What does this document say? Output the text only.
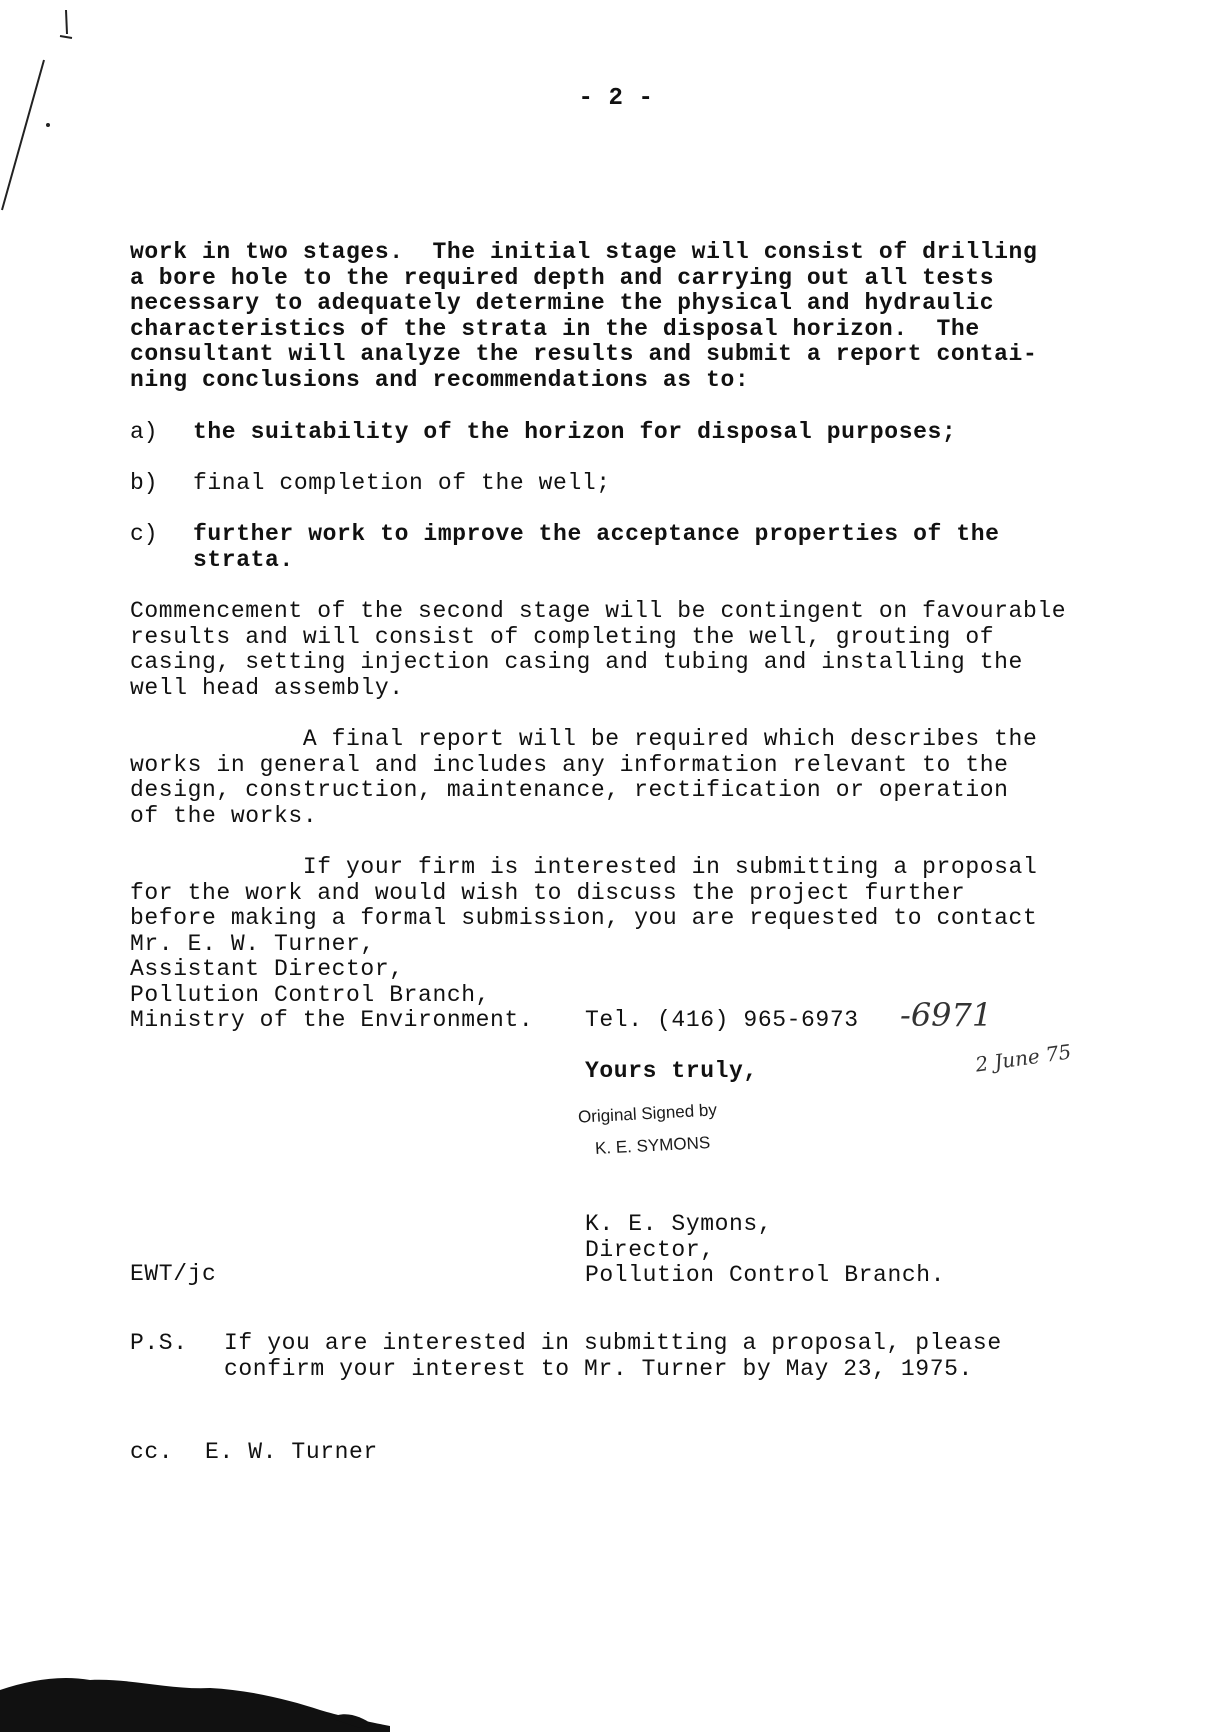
- 2 -

work in two stages.  The initial stage will consist of drilling
a bore hole to the required depth and carrying out all tests
necessary to adequately determine the physical and hydraulic
characteristics of the strata in the disposal horizon.  The
consultant will analyze the results and submit a report contai-
ning conclusions and recommendations as to:

a) the suitability of the horizon for disposal purposes;
b) final completion of the well;
c) further work to improve the acceptance properties of the
strata.

Commencement of the second stage will be contingent on favourable
results and will consist of completing the well, grouting of
casing, setting injection casing and tubing and installing the
well head assembly.

A final report will be required which describes the
works in general and includes any information relevant to the
design, construction, maintenance, rectification or operation
of the works.

If your firm is interested in submitting a proposal
for the work and would wish to discuss the project further
before making a formal submission, you are requested to contact
Mr. E. W. Turner,
Assistant Director,
Pollution Control Branch,
Ministry of the Environment.	Tel. (416) 965-6973 -6971
2 June 75
Yours truly,
Original Signed by
K. E. SYMONS

K. E. Symons,
Director,
Pollution Control Branch.

EWT/jc
P.S. If you are interested in submitting a proposal, please
confirm your interest to Mr. Turner by May 23, 1975.

cc. E. W. Turner
